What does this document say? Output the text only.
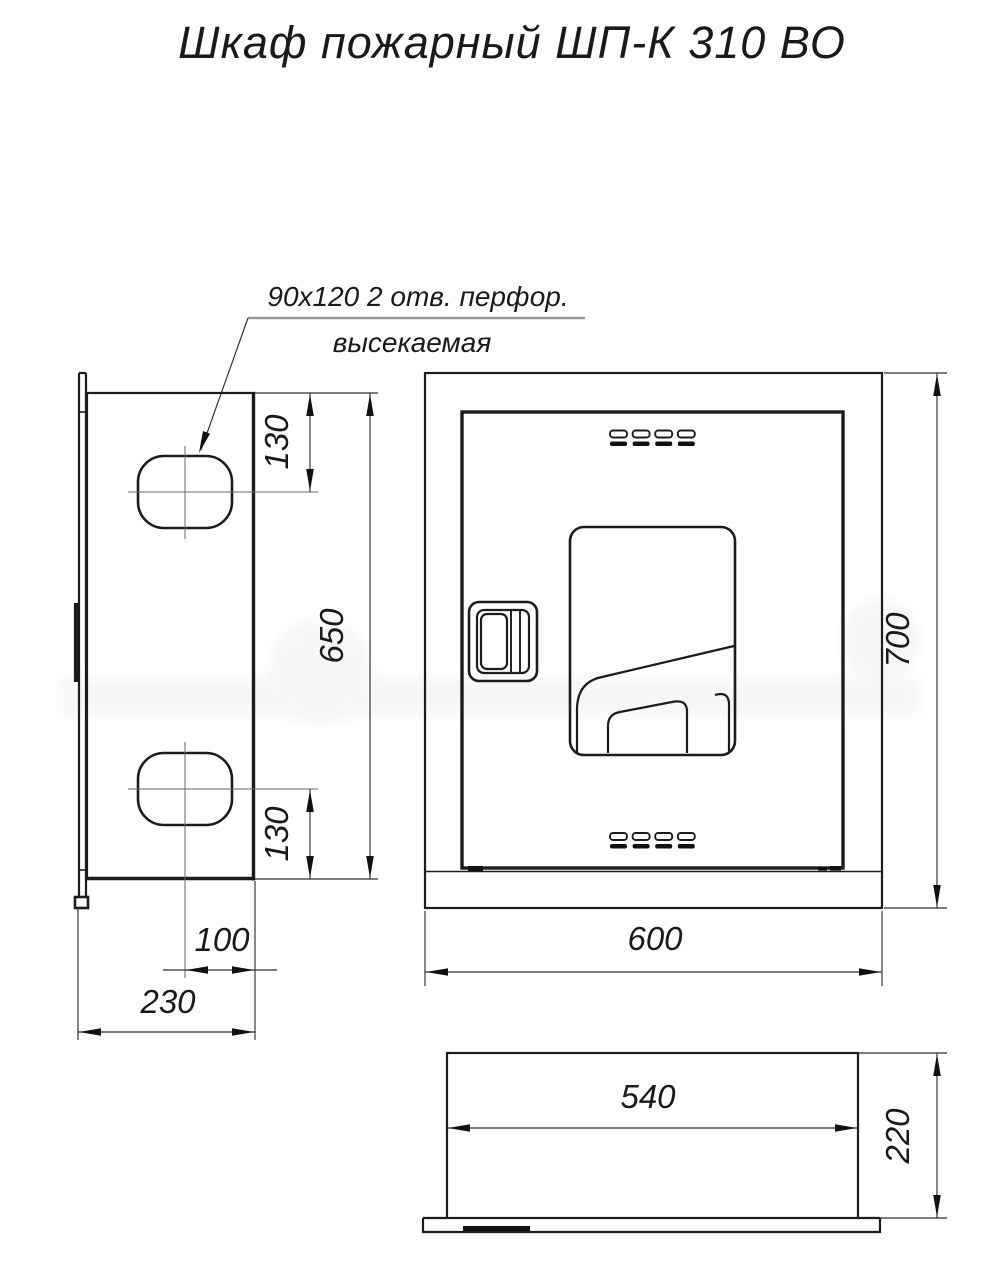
Шкаф пожарный ШП-К 310 ВО
90x120 2 отв. перфор.
высекаемая
130
650
130
100
230
700
600
540
220
